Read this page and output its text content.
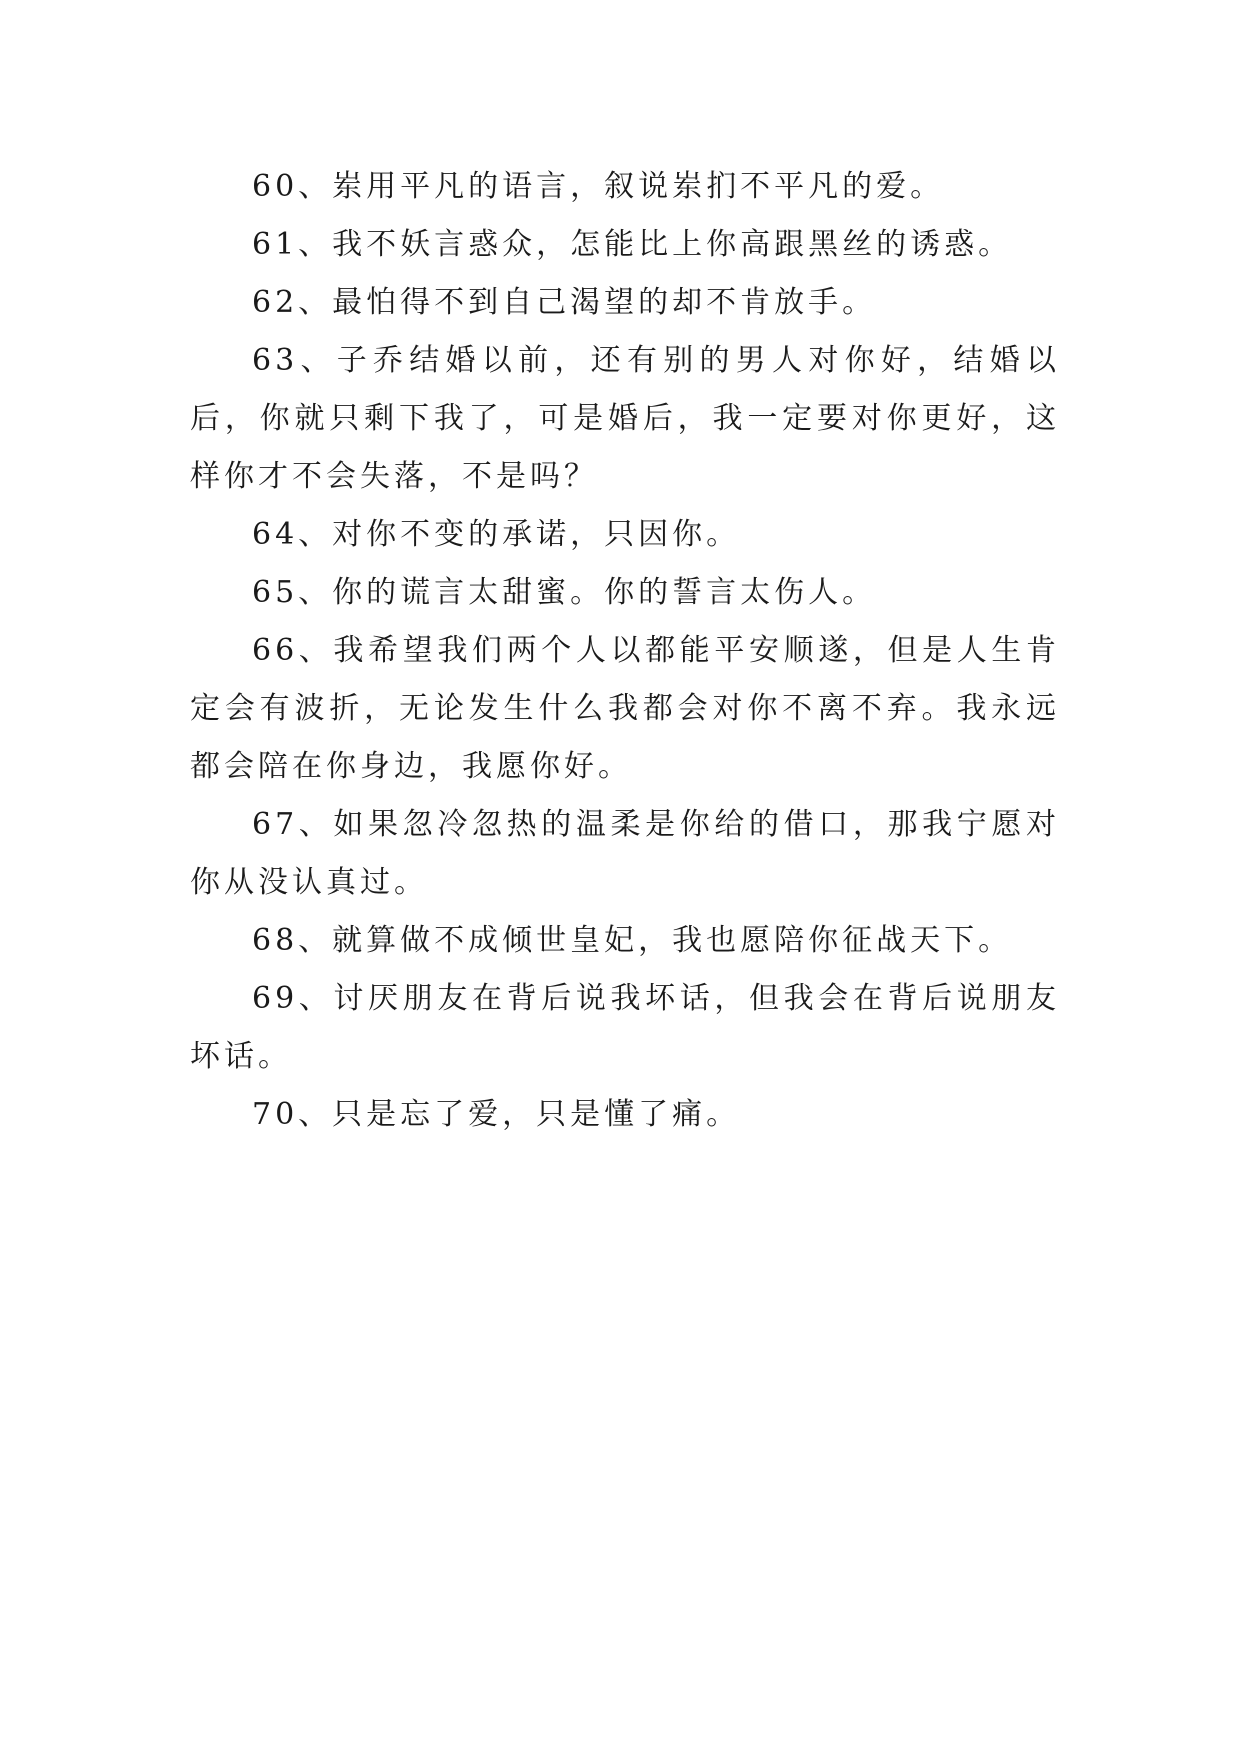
60、岽用平凡的语言，叙说岽扪不平凡的爱。

61、我不妖言惑众，怎能比上你高跟黑丝的诱惑。

62、最怕得不到自己渴望的却不肯放手。

63、子乔结婚以前，还有别的男人对你好，结婚以后，你就只剩下我了，可是婚后，我一定要对你更好，这样你才不会失落，不是吗？

64、对你不变的承诺，只因你。

65、你的谎言太甜蜜。你的誓言太伤人。

66、我希望我们两个人以都能平安顺遂，但是人生肯定会有波折，无论发生什么我都会对你不离不弃。我永远都会陪在你身边，我愿你好。

67、如果忽冷忽热的温柔是你给的借口，那我宁愿对你从没认真过。

68、就算做不成倾世皇妃，我也愿陪你征战天下。

69、讨厌朋友在背后说我坏话，但我会在背后说朋友坏话。

70、只是忘了爱，只是懂了痛。
